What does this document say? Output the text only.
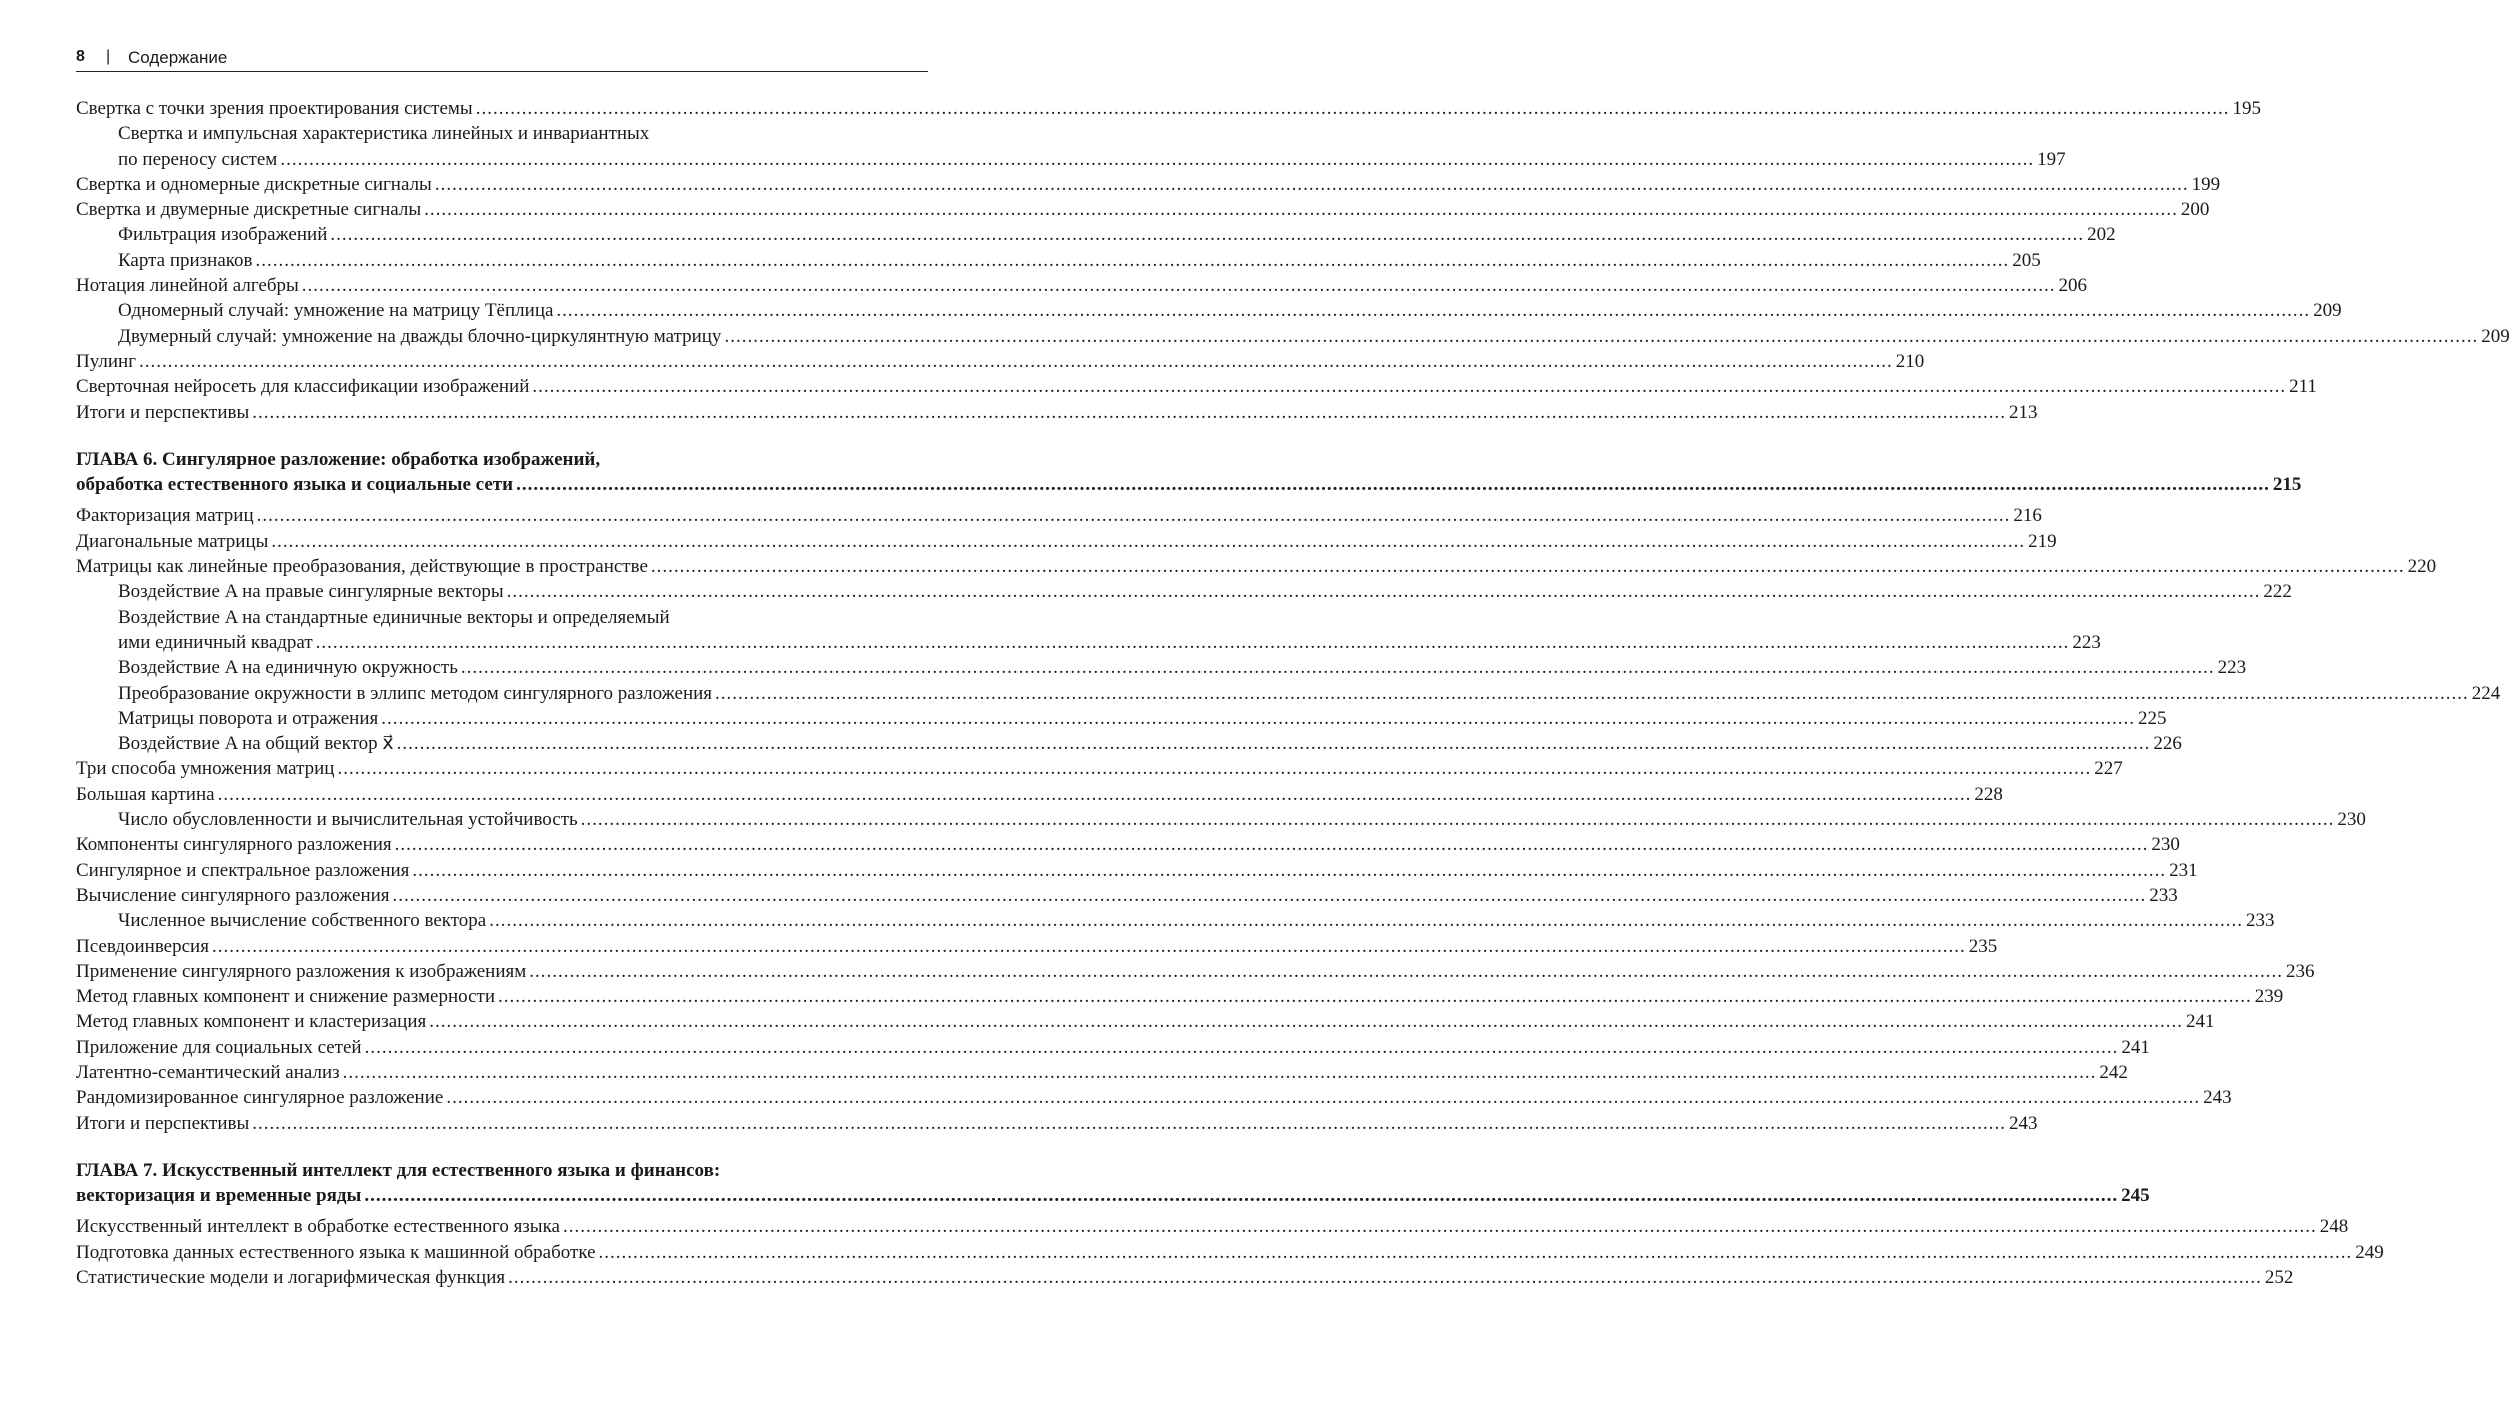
8 | Содержание
Свертка с точки зрения проектирования системы .....	195
Свертка и импульсная характеристика линейных и инвариантных
по переносу систем .....	197
Свертка и одномерные дискретные сигналы .....	199
Свертка и двумерные дискретные сигналы .....	200
Фильтрация изображений .....	202
Карта признаков .....	205
Нотация линейной алгебры .....	206
Одномерный случай: умножение на матрицу Тёплица .....	209
Двумерный случай: умножение на дважды блочно-циркулянтную матрицу .....	209
Пулинг .....	210
Сверточная нейросеть для классификации изображений .....	211
Итоги и перспективы .....	213
ГЛАВА 6. Сингулярное разложение: обработка изображений,
обработка естественного языка и социальные сети .....	215
Факторизация матриц .....	216
Диагональные матрицы .....	219
Матрицы как линейные преобразования, действующие в пространстве .....	220
Воздействие A на правые сингулярные векторы .....	222
Воздействие A на стандартные единичные векторы и определяемый
ими единичный квадрат .....	223
Воздействие A на единичную окружность .....	223
Преобразование окружности в эллипс методом сингулярного разложения .....	224
Матрицы поворота и отражения .....	225
Воздействие A на общий вектор x⃗ .....	226
Три способа умножения матриц .....	227
Большая картина .....	228
Число обусловленности и вычислительная устойчивость .....	230
Компоненты сингулярного разложения .....	230
Сингулярное и спектральное разложения .....	231
Вычисление сингулярного разложения .....	233
Численное вычисление собственного вектора .....	233
Псевдоинверсия .....	235
Применение сингулярного разложения к изображениям .....	236
Метод главных компонент и снижение размерности .....	239
Метод главных компонент и кластеризация .....	241
Приложение для социальных сетей .....	241
Латентно-семантический анализ .....	242
Рандомизированное сингулярное разложение .....	243
Итоги и перспективы .....	243
ГЛАВА 7. Искусственный интеллект для естественного языка и финансов:
векторизация и временные ряды .....	245
Искусственный интеллект в обработке естественного языка .....	248
Подготовка данных естественного языка к машинной обработке .....	249
Статистические модели и логарифмическая функция .....	252
